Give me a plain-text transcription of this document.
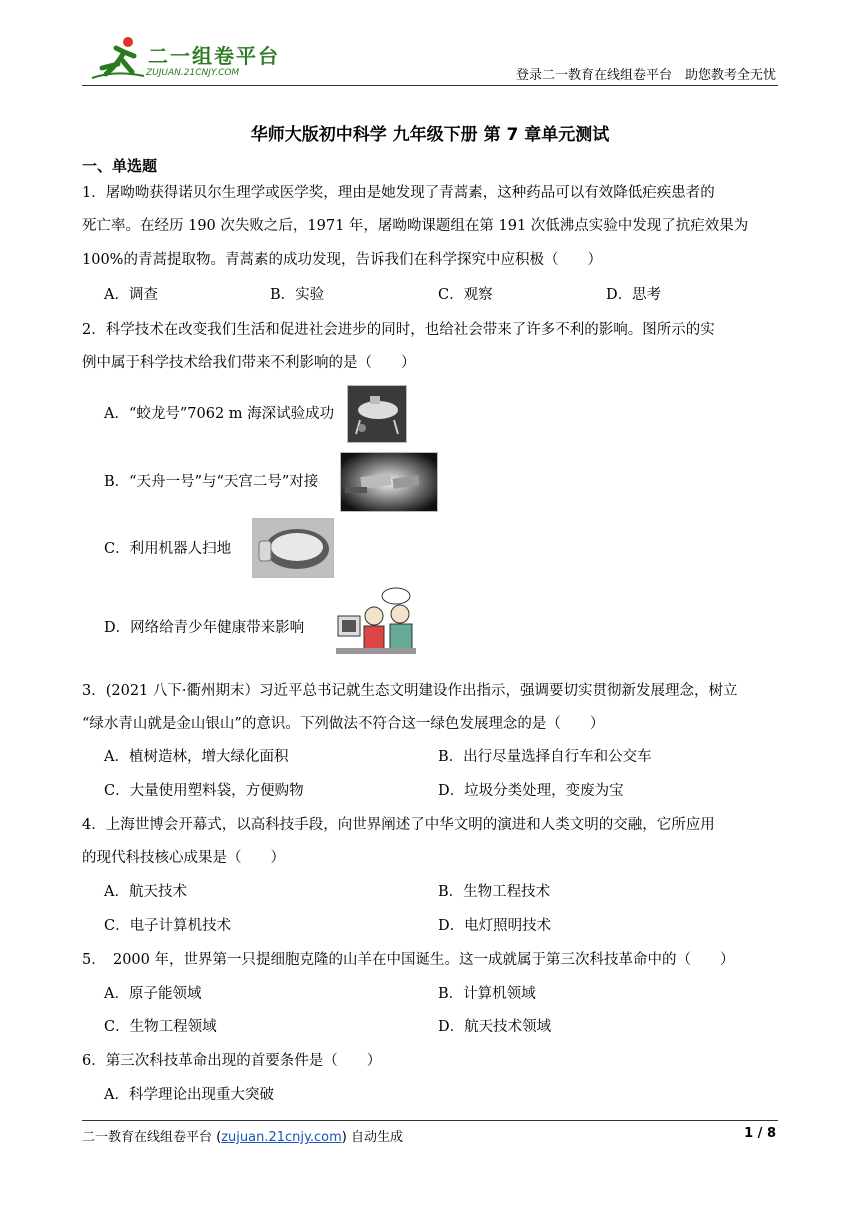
二一组卷平台
ZUJUAN.21CNJY.COM	登录二一教育在线组卷平台　助您教考全无忧
华师大版初中科学 九年级下册 第 7 章单元测试
一、单选题
1．屠呦呦获得诺贝尔生理学或医学奖，理由是她发现了青蒿素，这种药品可以有效降低疟疾患者的
死亡率。在经历 190 次失败之后，1971 年，屠呦呦课题组在第 191 次低沸点实验中发现了抗疟效果为
100%的青蒿提取物。青蒿素的成功发现，告诉我们在科学探究中应积极（　　）
A．调查	B．实验	C．观察	D．思考
2．科学技术在改变我们生活和促进社会进步的同时，也给社会带来了许多不利的影响。图所示的实
例中属于科学技术给我们带来不利影响的是（　　）
A．“蛟龙号”7062 m 海深试验成功
B．“天舟一号”与“天宫二号”对接
C．利用机器人扫地
D．网络给青少年健康带来影响
3．(2021 八下·衢州期末）习近平总书记就生态文明建设作出指示，强调要切实贯彻新发展理念，树立
“绿水青山就是金山银山”的意识。下列做法不符合这一绿色发展理念的是（　　）
A．植树造林，增大绿化面积	B．出行尽量选择自行车和公交车
C．大量使用塑料袋，方便购物	D．垃圾分类处理，变废为宝
4．上海世博会开幕式，以高科技手段，向世界阐述了中华文明的演进和人类文明的交融，它所应用
的现代科技核心成果是（　　）
A．航天技术	B．生物工程技术
C．电子计算机技术	D．电灯照明技术
5．　2000 年，世界第一只提细胞克隆的山羊在中国诞生。这一成就属于第三次科技革命中的（　　）
A．原子能领域	B．计算机领域
C．生物工程领域	D．航天技术领域
6．第三次科技革命出现的首要条件是（　　）
A．科学理论出现重大突破
二一教育在线组卷平台 (zujuan.21cnjy.com) 自动生成	1 / 8
